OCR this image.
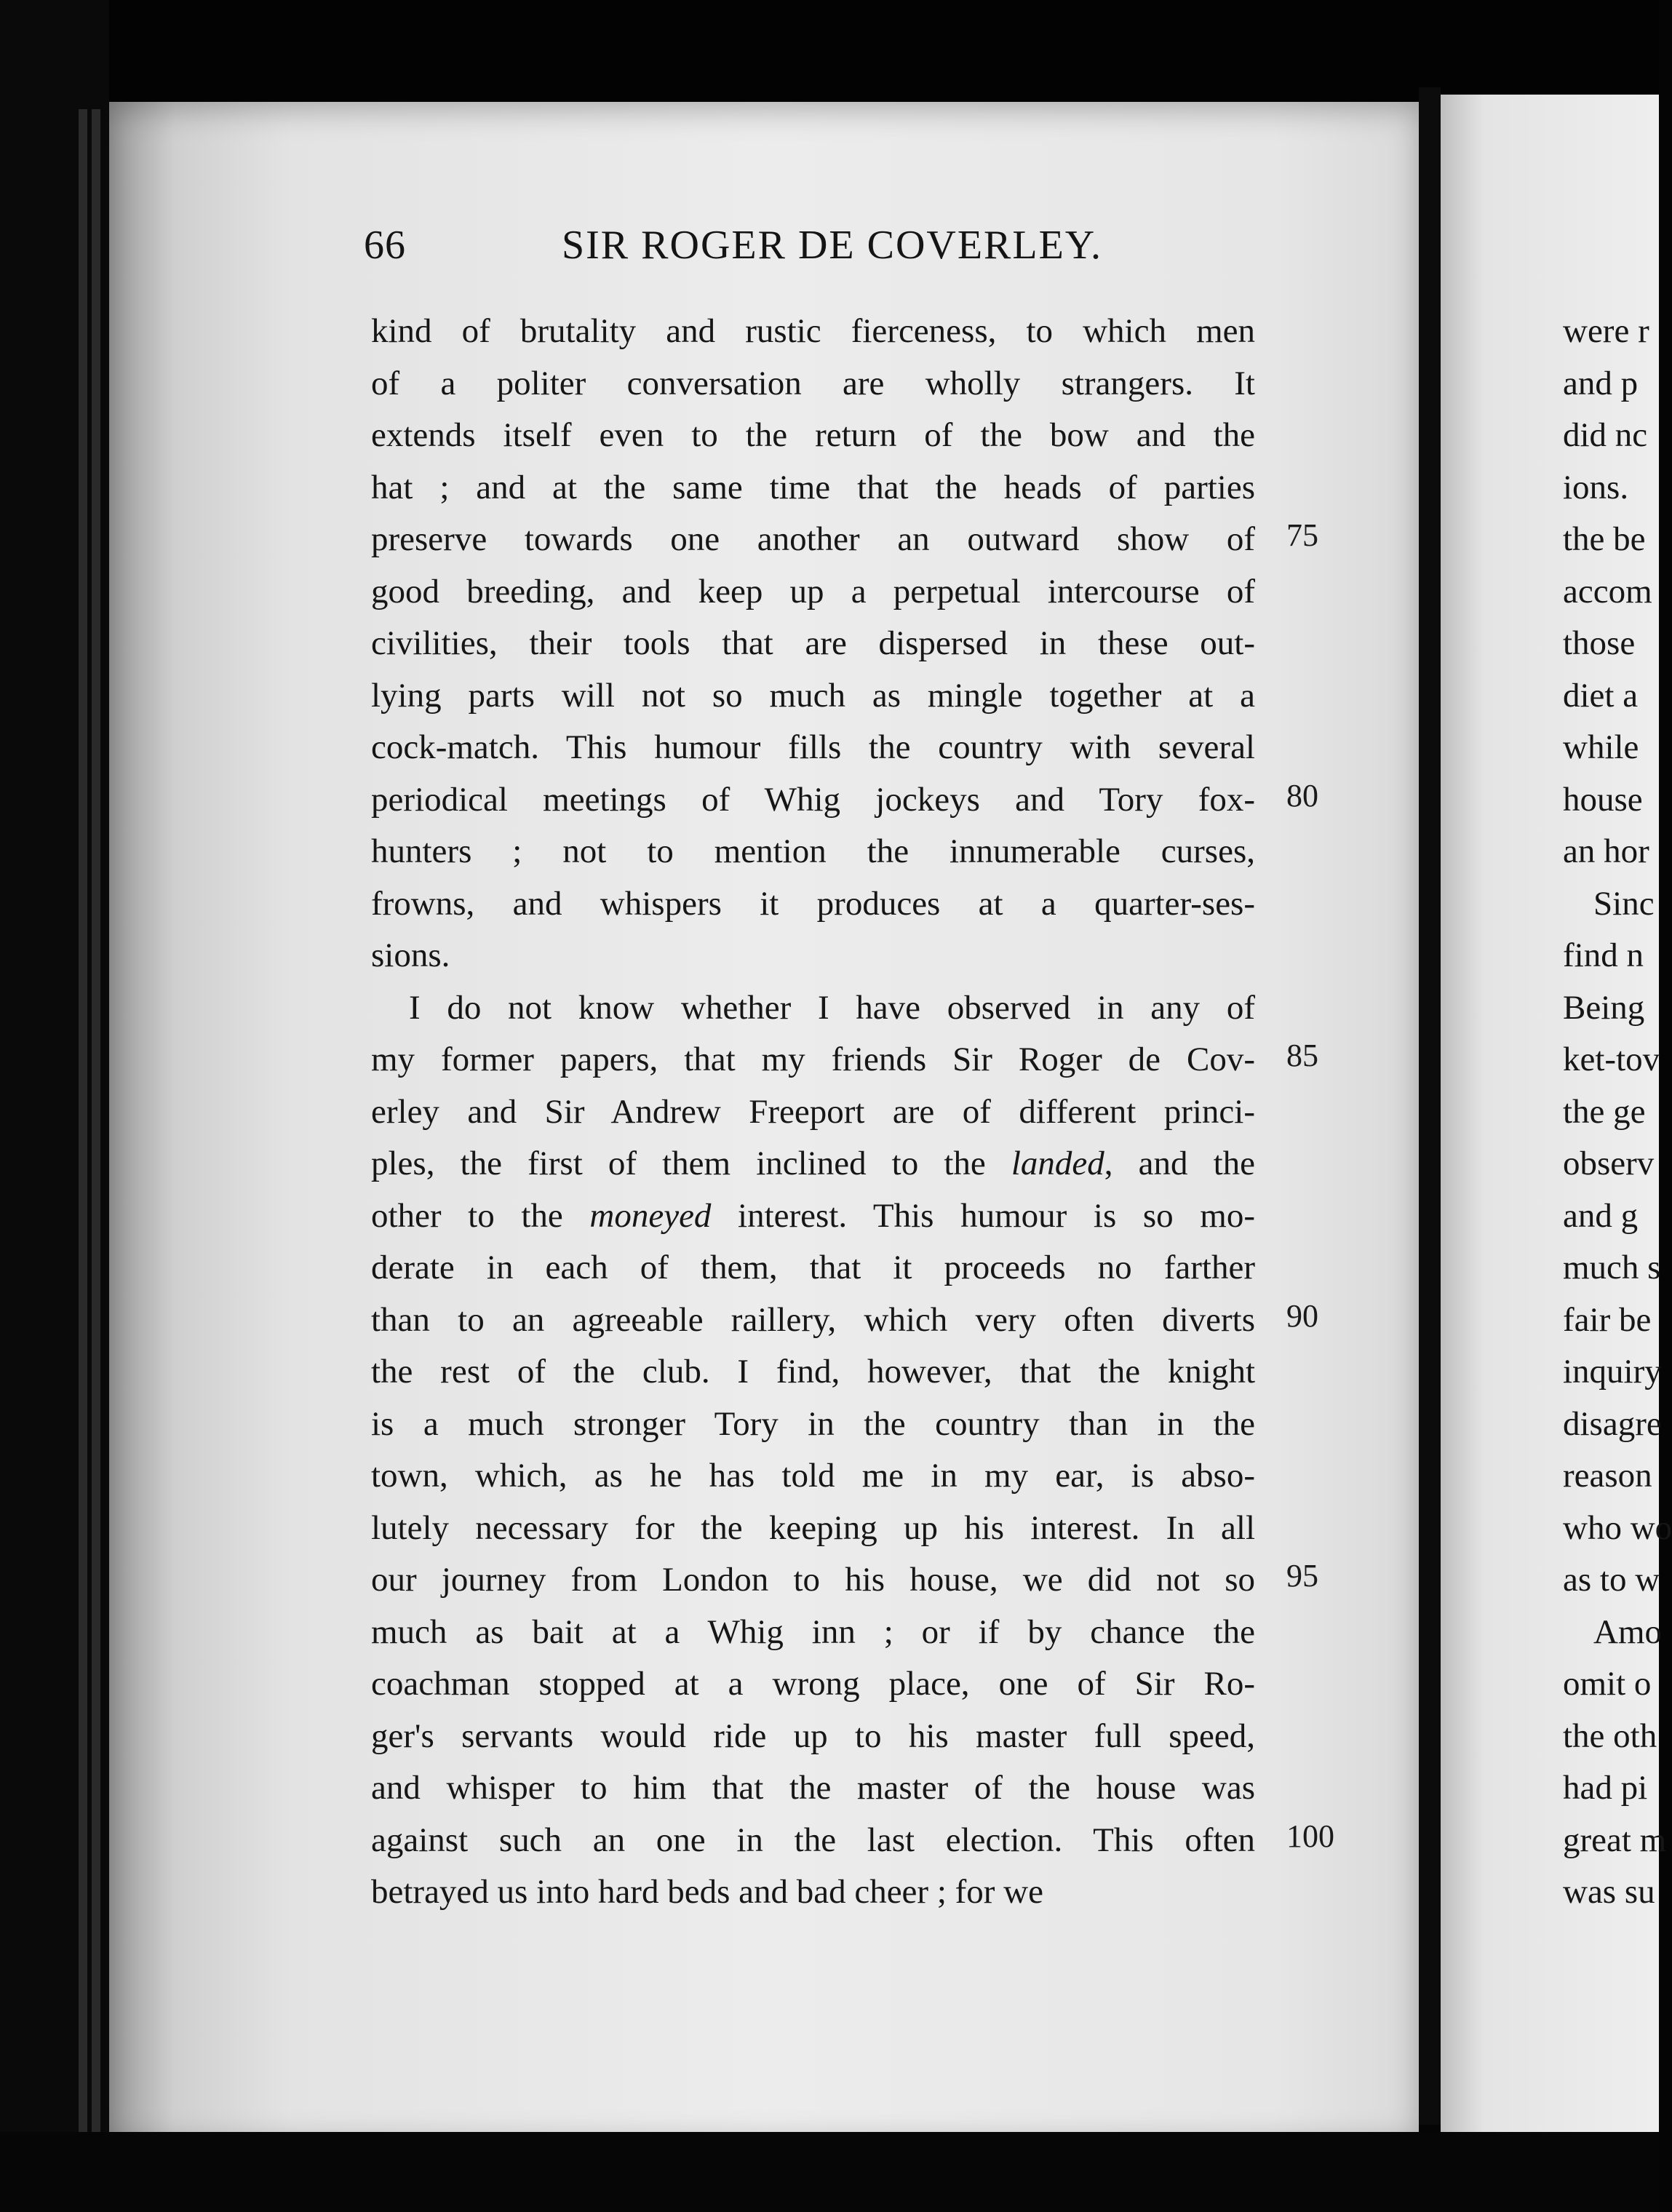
66	SIR ROGER DE COVERLEY.
kind of brutality and rustic fierceness, to which men
of a politer conversation are wholly strangers. It
extends itself even to the return of the bow and the
hat ; and at the same time that the heads of parties
preserve towards one another an outward show of
good breeding, and keep up a perpetual intercourse of
civilities, their tools that are dispersed in these out-
lying parts will not so much as mingle together at a
cock-match. This humour fills the country with several
periodical meetings of Whig jockeys and Tory fox-
hunters ; not to mention the innumerable curses,
frowns, and whispers it produces at a quarter-ses-
sions.
I do not know whether I have observed in any of
my former papers, that my friends Sir Roger de Cov-
erley and Sir Andrew Freeport are of different princi-
ples, the first of them inclined to the landed, and the
other to the moneyed interest. This humour is so mo-
derate in each of them, that it proceeds no farther
than to an agreeable raillery, which very often diverts
the rest of the club. I find, however, that the knight
is a much stronger Tory in the country than in the
town, which, as he has told me in my ear, is abso-
lutely necessary for the keeping up his interest. In all
our journey from London to his house, we did not so
much as bait at a Whig inn ; or if by chance the
coachman stopped at a wrong place, one of Sir Ro-
ger's servants would ride up to his master full speed,
and whisper to him that the master of the house was
against such an one in the last election. This often
betrayed us into hard beds and bad cheer ; for we
75
80
85
90
95
100
were r
and p
did nc
ions.
the be
accom
those
diet a
while
house
an hor
Sinc
find n
Being
ket-tov
the ge
observ
and g
much s
fair be
inquiry
disagre
reason
who wo
as to w
Amo
omit o
the oth
had pi
great m
was su
